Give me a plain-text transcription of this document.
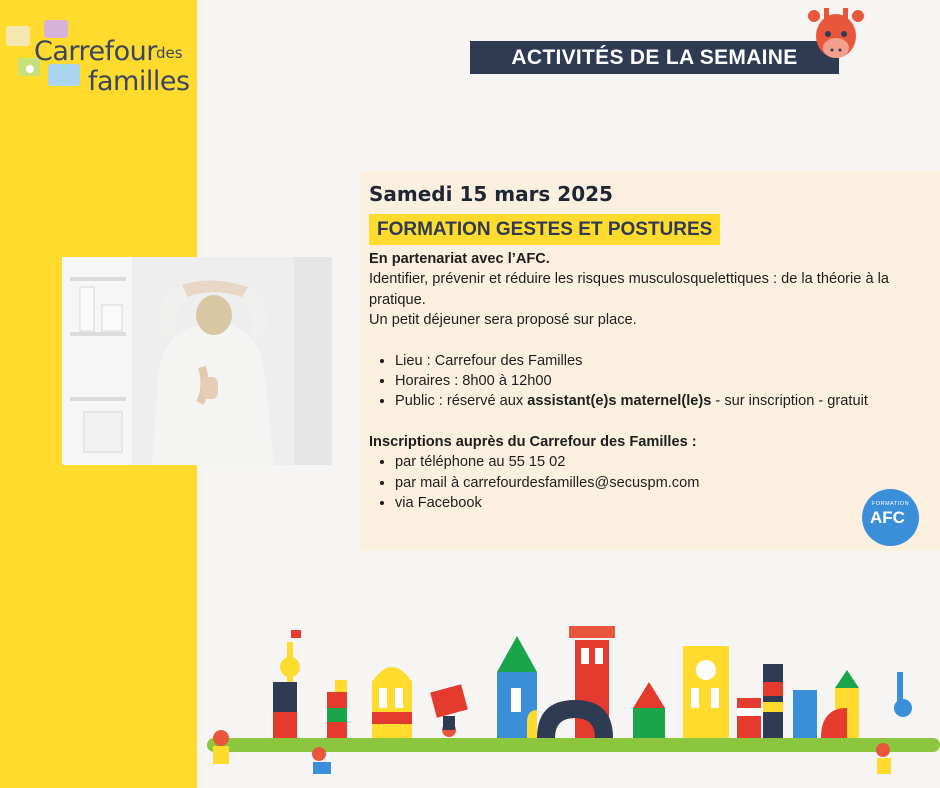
Carrefour des
familles
ACTIVITÉS DE LA SEMAINE
Samedi 15 mars 2025
FORMATION GESTES ET POSTURES

En partenariat avec l’AFC.

Identifier, prévenir et réduire les risques musculosquelettiques : de la théorie à la pratique.

Un petit déjeuner sera proposé sur place.

• Lieu : Carrefour des Familles
• Horaires : 8h00 à 12h00
• Public : réservé aux assistant(e)s maternel(le)s - sur inscription - gratuit

Inscriptions auprès du Carrefour des Familles :

• par téléphone au 55 15 02
• par mail à carrefourdesfamilles@secuspm.com
• via Facebook	FORMATION
AFC
